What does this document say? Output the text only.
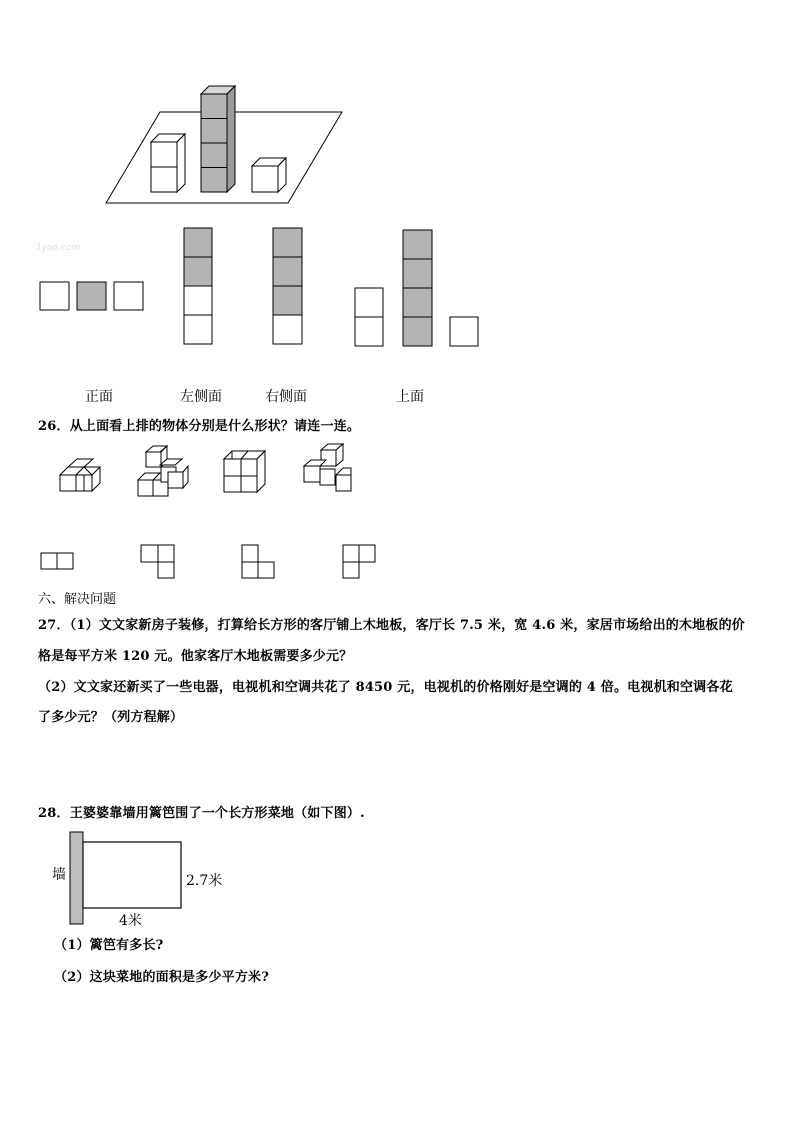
1yoo.com
正面	左侧面	右侧面	上面
26．从上面看上排的物体分别是什么形状？请连一连。
六、解决问题
27．（1）文文家新房子装修，打算给长方形的客厅铺上木地板，客厅长 7.5 米，宽 4.6 米，家居市场给出的木地板的价
格是每平方米 120 元。他家客厅木地板需要多少元？
（2）文文家还新买了一些电器，电视机和空调共花了 8450 元，电视机的价格刚好是空调的 4 倍。电视机和空调各花
了多少元？（列方程解）
28．王婆婆靠墙用篱笆围了一个长方形菜地（如下图）.
墙	2.7米
4米
（1）篱笆有多长?
（2）这块菜地的面积是多少平方米?
